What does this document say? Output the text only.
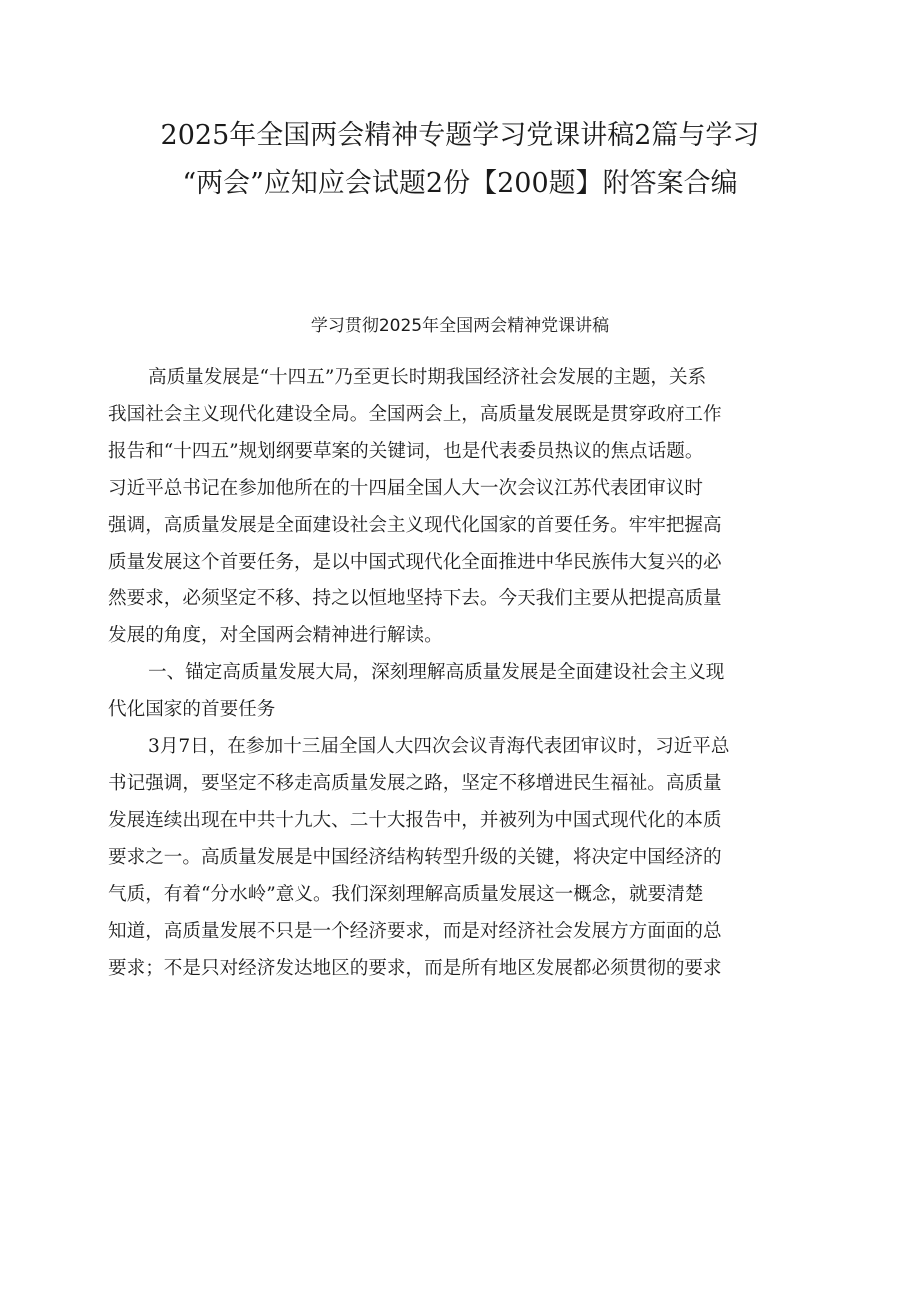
2025年全国两会精神专题学习党课讲稿2篇与学习
“两会”应知应会试题2份【200题】附答案合编
学习贯彻2025年全国两会精神党课讲稿

高质量发展是“十四五”乃至更长时期我国经济社会发展的主题，关系
我国社会主义现代化建设全局。全国两会上，高质量发展既是贯穿政府工作
报告和“十四五”规划纲要草案的关键词，也是代表委员热议的焦点话题。
习近平总书记在参加他所在的十四届全国人大一次会议江苏代表团审议时
强调，高质量发展是全面建设社会主义现代化国家的首要任务。牢牢把握高
质量发展这个首要任务，是以中国式现代化全面推进中华民族伟大复兴的必
然要求，必须坚定不移、持之以恒地坚持下去。今天我们主要从把提高质量
发展的角度，对全国两会精神进行解读。

一、锚定高质量发展大局，深刻理解高质量发展是全面建设社会主义现
代化国家的首要任务

3月7日，在参加十三届全国人大四次会议青海代表团审议时，习近平总
书记强调，要坚定不移走高质量发展之路，坚定不移增进民生福祉。高质量
发展连续出现在中共十九大、二十大报告中，并被列为中国式现代化的本质
要求之一。高质量发展是中国经济结构转型升级的关键，将决定中国经济的
气质，有着“分水岭”意义。我们深刻理解高质量发展这一概念，就要清楚
知道，高质量发展不只是一个经济要求，而是对经济社会发展方方面面的总
要求；不是只对经济发达地区的要求，而是所有地区发展都必须贯彻的要求
